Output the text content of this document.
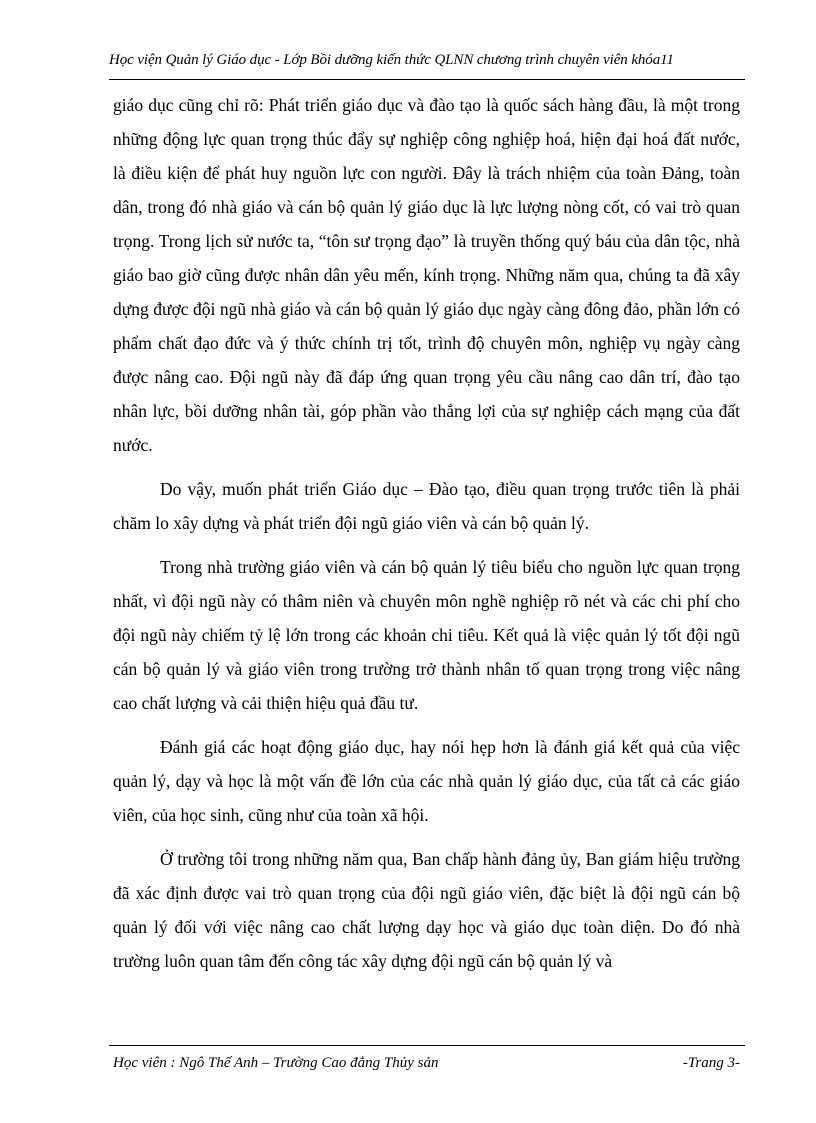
Học viện Quản lý Giáo dục - Lớp Bồi dưỡng kiến thức QLNN chương trình chuyên viên khóa11

giáo dục cũng chỉ rõ: Phát triển giáo dục và đào tạo là quốc sách hàng đầu, là một trong những động lực quan trọng thúc đẩy sự nghiệp công nghiệp hoá, hiện đại hoá đất nước, là điều kiện để phát huy nguồn lực con người. Đây là trách nhiệm của toàn Đảng, toàn dân, trong đó nhà giáo và cán bộ quản lý giáo dục là lực lượng nòng cốt, có vai trò quan trọng. Trong lịch sử nước ta, “tôn sư trọng đạo” là truyền thống quý báu của dân tộc, nhà giáo bao giờ cũng được nhân dân yêu mến, kính trọng. Những năm qua, chúng ta đã xây dựng được đội ngũ nhà giáo và cán bộ quản lý giáo dục ngày càng đông đảo, phần lớn có phẩm chất đạo đức và ý thức chính trị tốt, trình độ chuyên môn, nghiệp vụ ngày càng được nâng cao. Đội ngũ này đã đáp ứng quan trọng yêu cầu nâng cao dân trí, đào tạo nhân lực, bồi dưỡng nhân tài, góp phần vào thắng lợi của sự nghiệp cách mạng của đất nước.

Do vậy, muốn phát triển Giáo dục – Đào tạo, điều quan trọng trước tiên là phải chăm lo xây dựng và phát triển đội ngũ giáo viên và cán bộ quản lý.

Trong nhà trường giáo viên và cán bộ quản lý tiêu biểu cho nguồn lực quan trọng nhất, vì đội ngũ này có thâm niên và chuyên môn nghề nghiệp rõ nét và các chi phí cho đội ngũ này chiếm tỷ lệ lớn trong các khoản chi tiêu. Kết quả là việc quản lý tốt đội ngũ cán bộ quản lý và giáo viên trong trường trở thành nhân tố quan trọng trong việc nâng cao chất lượng và cải thiện hiệu quả đầu tư.

Đánh giá các hoạt động giáo dục, hay nói hẹp hơn là đánh giá kết quả của việc quản lý, dạy và học là một vấn đề lớn của các nhà quản lý giáo dục, của tất cả các giáo viên, của học sinh, cũng như của toàn xã hội.

Ở trường tôi trong những năm qua, Ban chấp hành đảng ủy, Ban giám hiệu trường đã xác định được vai trò quan trọng của đội ngũ giáo viên, đặc biệt là đội ngũ cán bộ quản lý đối với việc nâng cao chất lượng dạy học và giáo dục toàn diện. Do đó nhà trường luôn quan tâm đến công tác xây dựng đội ngũ cán bộ quản lý và

Học viên : Ngô Thế Anh – Trường Cao đẳng Thủy sản	-Trang 3-
